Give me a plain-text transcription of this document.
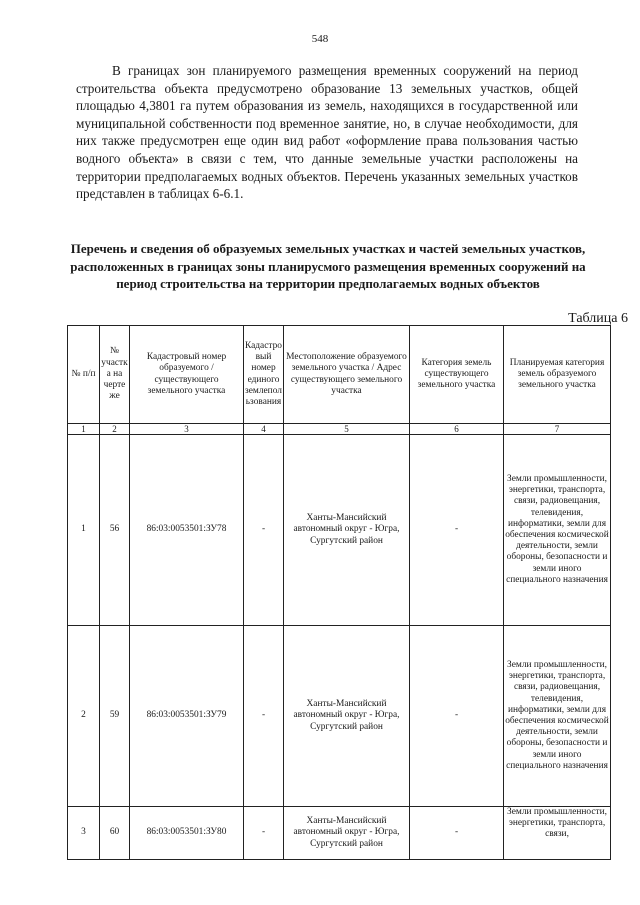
548

В границах зон планируемого размещения временных сооружений на период строительства объекта предусмотрено образование 13 земельных участков, общей площадью 4,3801 га путем образования из земель, находящихся в государственной или муниципальной собственности под временное занятие, но, в случае необходимости, для них также предусмотрен еще один вид работ «оформление права пользования частью водного объекта» в связи с тем, что данные земельные участки расположены на территории предполагаемых водных объектов. Перечень указанных земельных участков представлен в таблицах 6-6.1.

Перечень и сведения об образуемых земельных участках и частей земельных участков, расположенных в границах зоны планирусмого размещения временных сооружений на период строительства на территории предполагаемых водных объектов

Таблица 6
№ п/п	№ участка на чертеже	Кадастровый номер образуемого / существующего земельного участка	Кадастровый номер единого землепользования	Местоположение образуемого земельного участка / Адрес существующего земельного участка	Категория земель существующего земельного участка	Планируемая категория земель образуемого земельного участка
1	2	3	4	5	6	7
1	56	86:03:0053501:ЗУ78	-	Ханты-Мансийский автономный округ - Югра, Сургутский район	-	Земли промышленности, энергетики, транспорта, связи, радиовещания, телевидения, информатики, земли для обеспечения космической деятельности, земли обороны, безопасности и земли иного специального назначения
2	59	86:03:0053501:ЗУ79	-	Ханты-Мансийский автономный округ - Югра, Сургутский район	-	Земли промышленности, энергетики, транспорта, связи, радиовещания, телевидения, информатики, земли для обеспечения космической деятельности, земли обороны, безопасности и земли иного специального назначения
3	60	86:03:0053501:ЗУ80	-	Ханты-Мансийский автономный округ - Югра, Сургутский район	-	Земли промышленности, энергетики, транспорта, связи,
